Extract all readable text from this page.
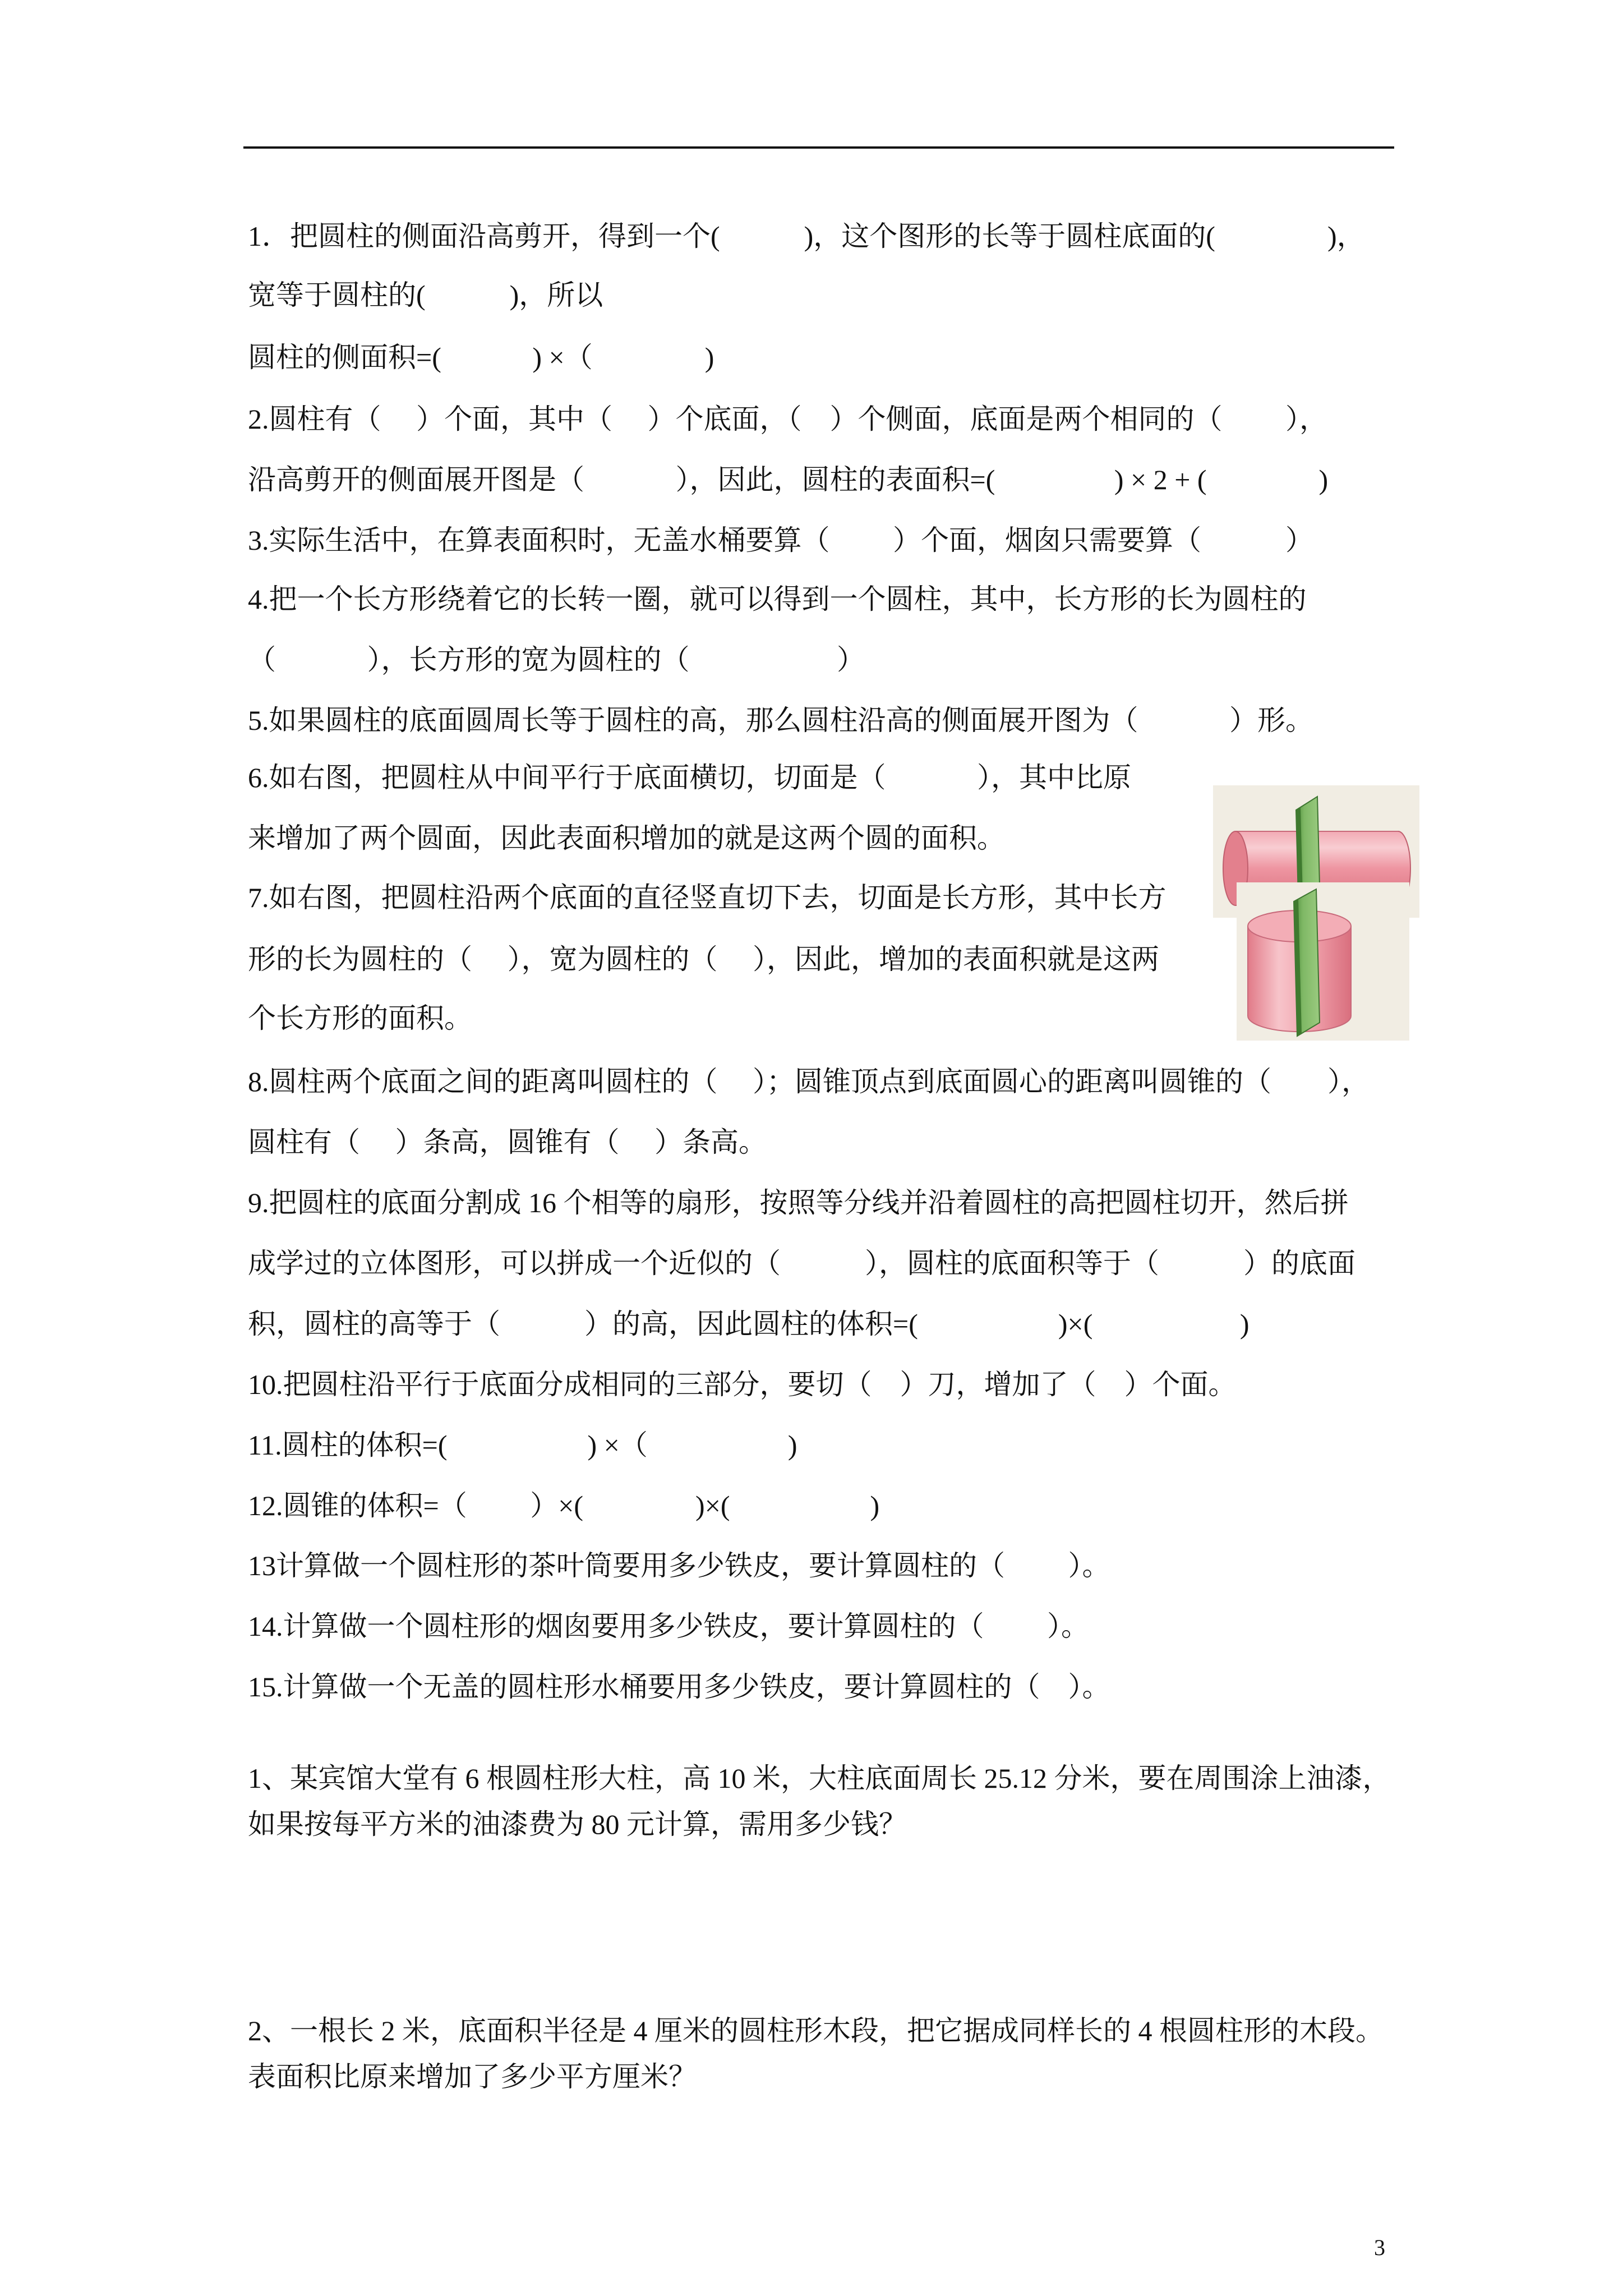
1．把圆柱的侧面沿高剪开，得到一个(　　　)，这个图形的长等于圆柱底面的(　　　　)，
宽等于圆柱的(　　　)，所以
圆柱的侧面积=(　　　 ) ×（　　　　)
2.圆柱有（　 ）个面，其中（　 ）个底面，（　）个侧面，底面是两个相同的（　　 ），
沿高剪开的侧面展开图是（　　　 ），因此，圆柱的表面积=(　　　　 ) × 2 + (　　　　)
3.实际生活中，在算表面积时，无盖水桶要算（　　 ）个面，烟囱只需要算（　　　）
4.把一个长方形绕着它的长转一圈，就可以得到一个圆柱，其中，长方形的长为圆柱的
（　　　 ），长方形的宽为圆柱的（　　　　　 ）
5.如果圆柱的底面圆周长等于圆柱的高，那么圆柱沿高的侧面展开图为（　　　 ）形。
6.如右图，把圆柱从中间平行于底面横切，切面是（　　　 ），其中比原
来增加了两个圆面，因此表面积增加的就是这两个圆的面积。
7.如右图，把圆柱沿两个底面的直径竖直切下去，切面是长方形，其中长方
形的长为圆柱的（　 ），宽为圆柱的（　 ），因此，增加的表面积就是这两
个长方形的面积。
8.圆柱两个底面之间的距离叫圆柱的（　 ）；圆锥顶点到底面圆心的距离叫圆锥的（　　），
圆柱有（　 ）条高，圆锥有（　 ）条高。
9.把圆柱的底面分割成 16 个相等的扇形，按照等分线并沿着圆柱的高把圆柱切开，然后拼
成学过的立体图形，可以拼成一个近似的（　　　），圆柱的底面积等于（　　　）的底面
积，圆柱的高等于（　　　）的高，因此圆柱的体积=(　　　　　)×(　　　　　 )
10.把圆柱沿平行于底面分成相同的三部分，要切（　）刀，增加了（　）个面。
11.圆柱的体积=(　　　　　) ×（　　　　　)
12.圆锥的体积=（　　 ）×(　　　　)×(　　　　　)
13计算做一个圆柱形的茶叶筒要用多少铁皮，要计算圆柱的（　　 ）。
14.计算做一个圆柱形的烟囱要用多少铁皮，要计算圆柱的（　　 ）。
15.计算做一个无盖的圆柱形水桶要用多少铁皮，要计算圆柱的（　）。
1、某宾馆大堂有 6 根圆柱形大柱，高 10 米，大柱底面周长 25.12 分米，要在周围涂上油漆，
如果按每平方米的油漆费为 80 元计算，需用多少钱？
2、一根长 2 米，底面积半径是 4 厘米的圆柱形木段，把它据成同样长的 4 根圆柱形的木段。
表面积比原来增加了多少平方厘米？
3
